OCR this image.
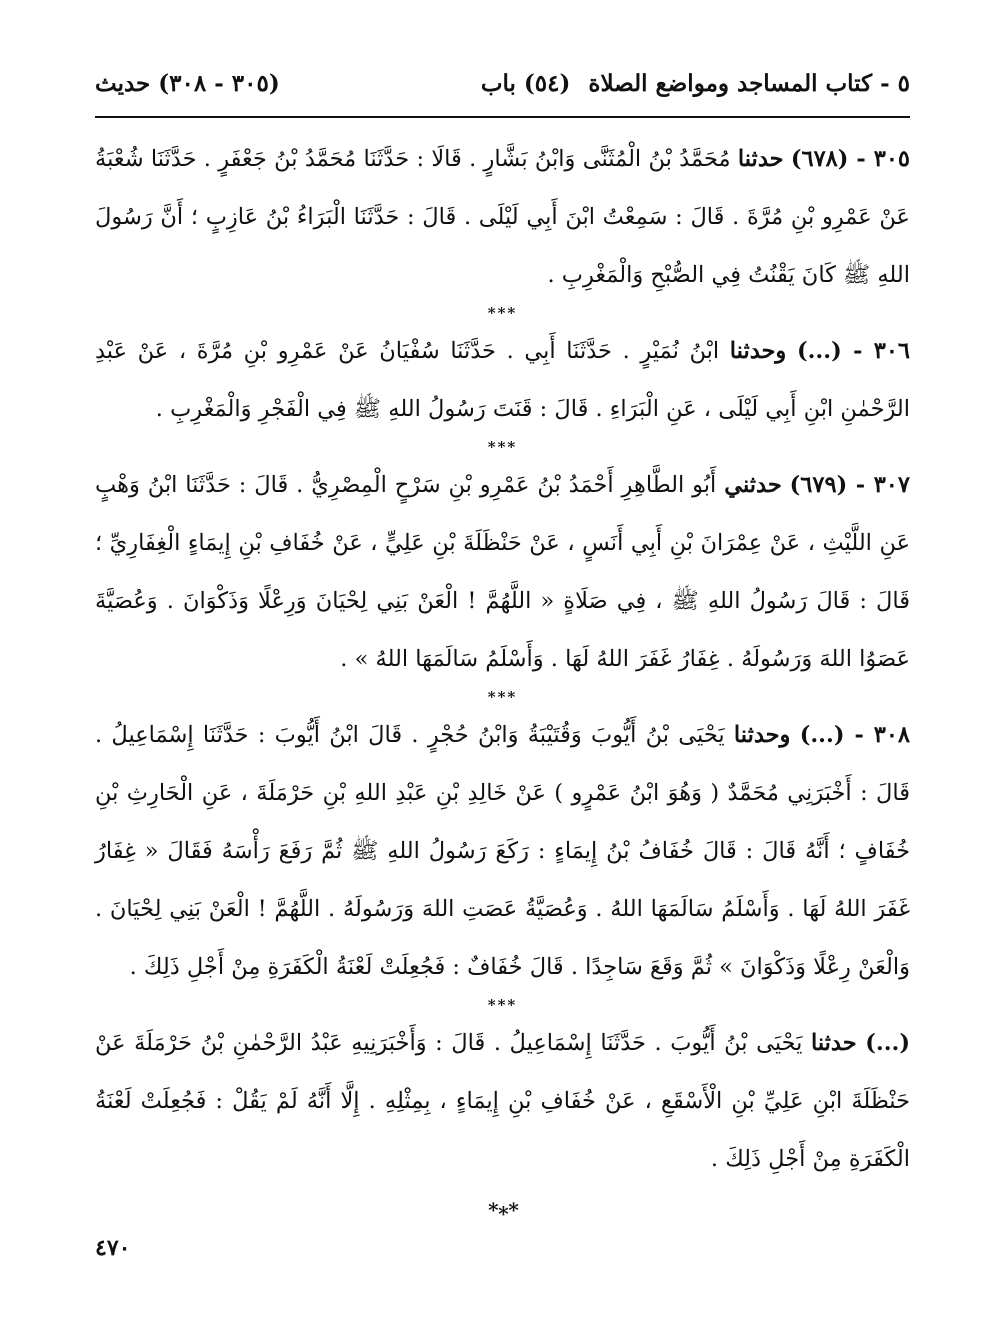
٥ - كتاب المساجد ومواضع الصلاة
(٥٤) باب
(٣٠٥ - ٣٠٨) حديث

٣٠٥ - (٦٧٨) حدثنا مُحَمَّدُ بْنُ الْمُثَنَّى وَابْنُ بَشَّارٍ . قَالَا : حَدَّثَنَا مُحَمَّدُ بْنُ جَعْفَرٍ . حَدَّثَنَا شُعْبَةُ عَنْ عَمْرِو بْنِ مُرَّةَ . قَالَ : سَمِعْتُ ابْنَ أَبِي لَيْلَى . قَالَ : حَدَّثَنَا الْبَرَاءُ بْنُ عَازِبٍ ؛ أَنَّ رَسُولَ اللهِ ﷺ كَانَ يَقْنُتُ فِي الصُّبْحِ وَالْمَغْرِبِ .

***

٣٠٦ - (...) وحدثنا ابْنُ نُمَيْرٍ . حَدَّثَنَا أَبِي . حَدَّثَنَا سُفْيَانُ عَنْ عَمْرِو بْنِ مُرَّةَ ، عَنْ عَبْدِ الرَّحْمٰنِ ابْنِ أَبِي لَيْلَى ، عَنِ الْبَرَاءِ . قَالَ : قَنَتَ رَسُولُ اللهِ ﷺ فِي الْفَجْرِ وَالْمَغْرِبِ .

***

٣٠٧ - (٦٧٩) حدثني أَبُو الطَّاهِرِ أَحْمَدُ بْنُ عَمْرِو بْنِ سَرْحٍ الْمِصْرِيُّ . قَالَ : حَدَّثَنَا ابْنُ وَهْبٍ عَنِ اللَّيْثِ ، عَنْ عِمْرَانَ بْنِ أَبِي أَنَسٍ ، عَنْ حَنْظَلَةَ بْنِ عَلِيٍّ ، عَنْ خُفَافِ بْنِ إِيمَاءٍ الْغِفَارِيِّ ؛ قَالَ : قَالَ رَسُولُ اللهِ ﷺ ، فِي صَلَاةٍ « اللَّهُمَّ ! الْعَنْ بَنِي لِحْيَانَ وَرِعْلًا وَذَكْوَانَ . وَعُصَيَّةَ عَصَوُا اللهَ وَرَسُولَهُ . غِفَارُ غَفَرَ اللهُ لَهَا . وَأَسْلَمُ سَالَمَهَا اللهُ » .

***

٣٠٨ - (...) وحدثنا يَحْيَى بْنُ أَيُّوبَ وَقُتَيْبَةُ وَابْنُ حُجْرٍ . قَالَ ابْنُ أَيُّوبَ : حَدَّثَنَا إِسْمَاعِيلُ . قَالَ : أَخْبَرَنِي مُحَمَّدٌ ( وَهُوَ ابْنُ عَمْرٍو ) عَنْ خَالِدِ بْنِ عَبْدِ اللهِ بْنِ حَرْمَلَةَ ، عَنِ الْحَارِثِ بْنِ خُفَافٍ ؛ أَنَّهُ قَالَ : قَالَ خُفَافُ بْنُ إِيمَاءٍ : رَكَعَ رَسُولُ اللهِ ﷺ ثُمَّ رَفَعَ رَأْسَهُ فَقَالَ « غِفَارُ غَفَرَ اللهُ لَهَا . وَأَسْلَمُ سَالَمَهَا اللهُ . وَعُصَيَّةُ عَصَتِ اللهَ وَرَسُولَهُ . اللَّهُمَّ ! الْعَنْ بَنِي لِحْيَانَ . وَالْعَنْ رِعْلًا وَذَكْوَانَ » ثُمَّ وَقَعَ سَاجِدًا . قَالَ خُفَافٌ : فَجُعِلَتْ لَعْنَةُ الْكَفَرَةِ مِنْ أَجْلِ ذَلِكَ .

***

(...) حدثنا يَحْيَى بْنُ أَيُّوبَ . حَدَّثَنَا إِسْمَاعِيلُ . قَالَ : وَأَخْبَرَنِيهِ عَبْدُ الرَّحْمٰنِ بْنُ حَرْمَلَةَ عَنْ حَنْظَلَةَ ابْنِ عَلِيِّ بْنِ الْأَسْقَعِ ، عَنْ خُفَافِ بْنِ إِيمَاءٍ ، بِمِثْلِهِ . إِلَّا أَنَّهُ لَمْ يَقُلْ : فَجُعِلَتْ لَعْنَةُ الْكَفَرَةِ مِنْ أَجْلِ ذَلِكَ .

*∗*
٤٧٠
